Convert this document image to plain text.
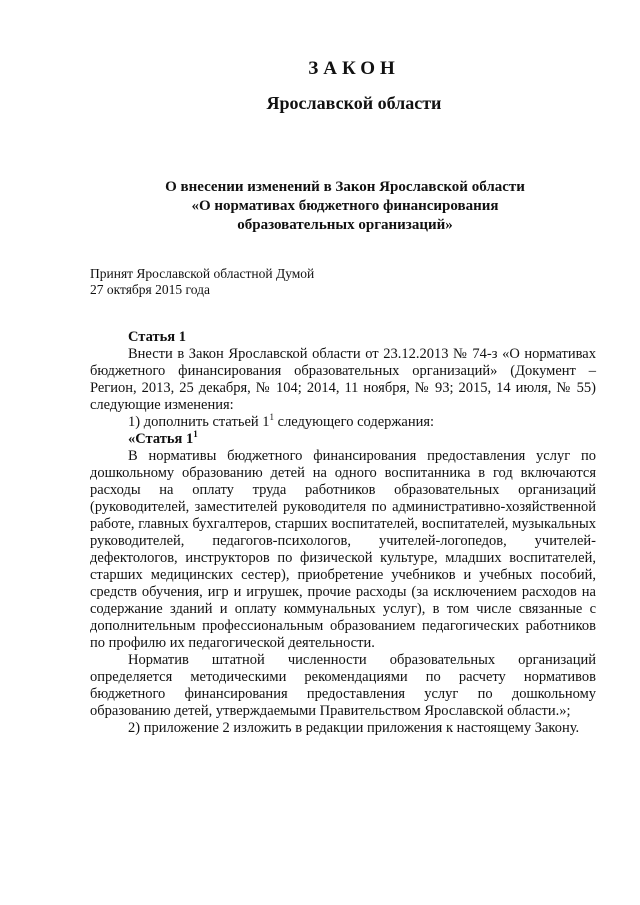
ЗАКОН
Ярославской области
О внесении изменений в Закон Ярославской области
«О нормативах бюджетного финансирования
образовательных организаций»
Принят Ярославской областной Думой
27 октября 2015 года

Статья 1

Внести в Закон Ярославской области от 23.12.2013 № 74-з «О нормативах бюджетного финансирования образовательных организаций» (Документ – Регион, 2013, 25 декабря, № 104; 2014, 11 ноября, № 93; 2015, 14 июля, № 55) следующие изменения:

1) дополнить статьей $1^1$ следующего содержания:

«Статья $1^1$

В нормативы бюджетного финансирования предоставления услуг по дошкольному образованию детей на одного воспитанника в год включаются расходы на оплату труда работников образовательных организаций (руководителей, заместителей руководителя по административно-хозяйственной работе, главных бухгалтеров, старших воспитателей, воспитателей, музыкальных руководителей, педагогов-психологов, учителей-логопедов, учителей-дефектологов, инструкторов по физической культуре, младших воспитателей, старших медицинских сестер), приобретение учебников и учебных пособий, средств обучения, игр и игрушек, прочие расходы (за исключением расходов на содержание зданий и оплату коммунальных услуг), в том числе связанные с дополнительным профессиональным образованием педагогических работников по профилю их педагогической деятельности.

Норматив штатной численности образовательных организаций определяется методическими рекомендациями по расчету нормативов бюджетного финансирования предоставления услуг по дошкольному образованию детей, утверждаемыми Правительством Ярославской области.»;

2) приложение 2 изложить в редакции приложения к настоящему Закону.
